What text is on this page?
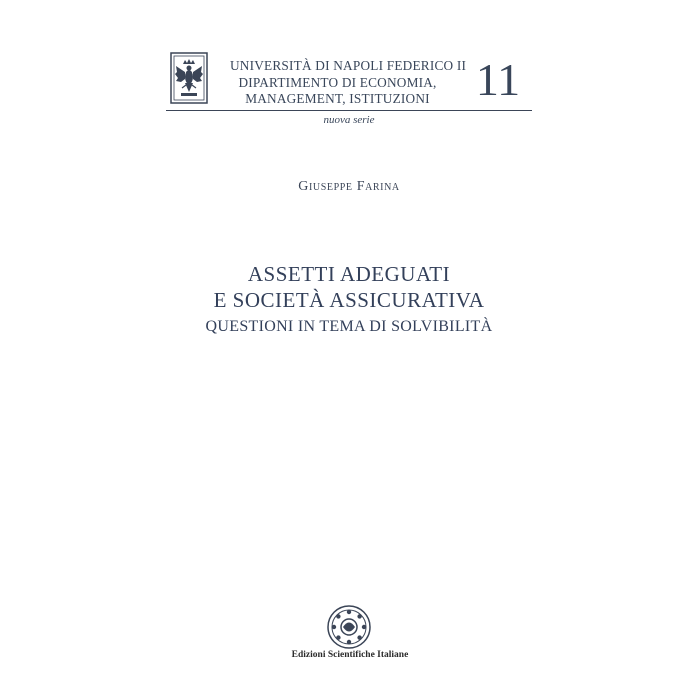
UNIVERSITÀ DI NAPOLI FEDERICO II
DIPARTIMENTO DI ECONOMIA,
MANAGEMENT, ISTITUZIONI	11
nuova serie
Giuseppe Farina
ASSETTI ADEGUATI
E SOCIETÀ ASSICURATIVA
QUESTIONI IN TEMA DI SOLVIBILITÀ
Edizioni Scientifiche Italiane
